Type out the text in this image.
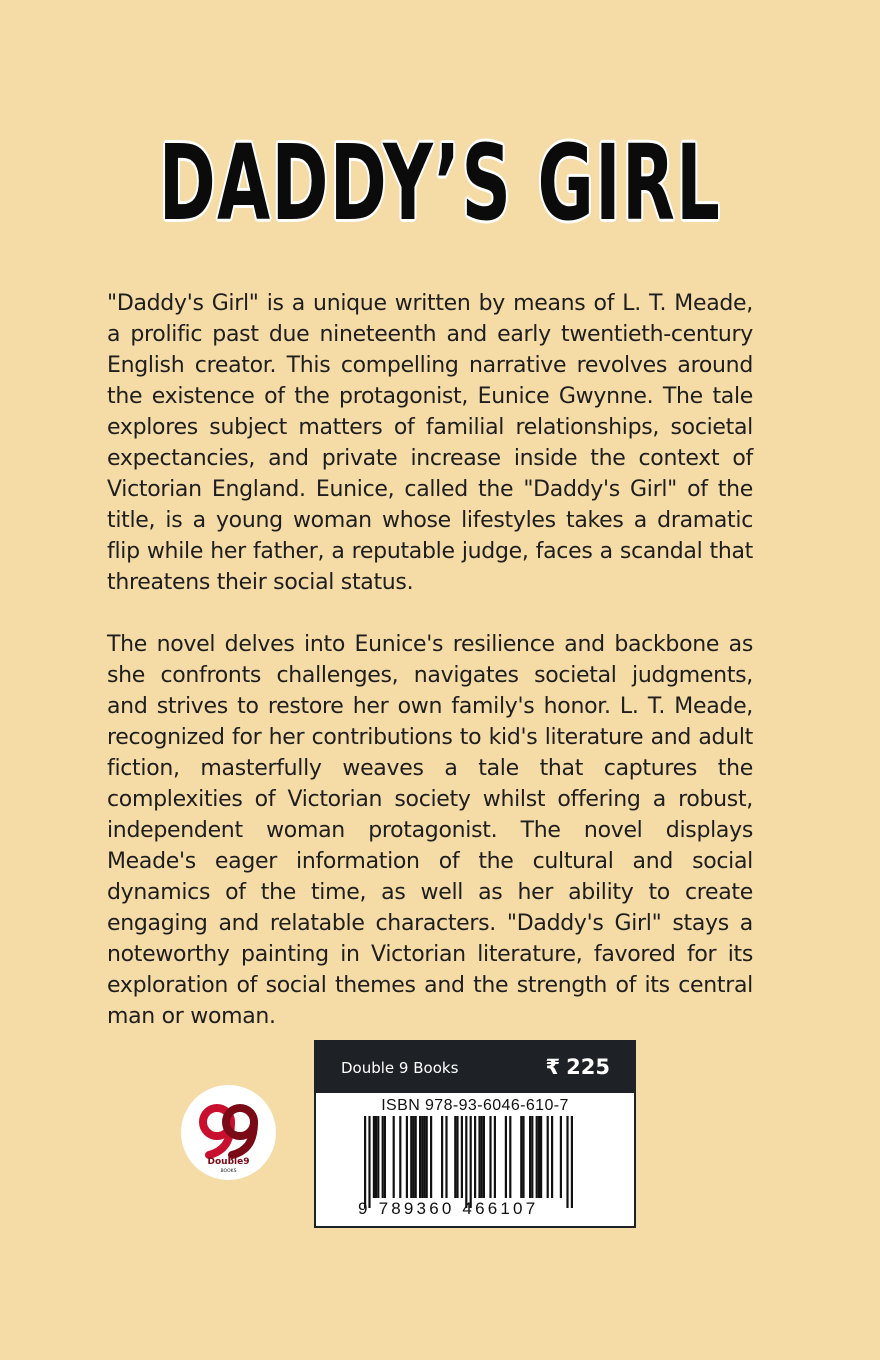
DADDY’S GIRL

"Daddy's Girl" is a unique written by means of L. T. Meade, a prolific past due nineteenth and early twentieth-century English creator. This compelling narrative revolves around the existence of the protagonist, Eunice Gwynne. The tale explores subject matters of familial relationships, societal expectancies, and private increase inside the context of Victorian England. Eunice, called the "Daddy's Girl" of the title, is a young woman whose lifestyles takes a dramatic flip while her father, a reputable judge, faces a scandal that threatens their social status.

The novel delves into Eunice's resilience and backbone as she confronts challenges, navigates societal judgments, and strives to restore her own family's honor. L. T. Meade, recognized for her contributions to kid's literature and adult fiction, masterfully weaves a tale that captures the complexities of Victorian society whilst offering a robust, independent woman protagonist. The novel displays Meade's eager information of the cultural and social dynamics of the time, as well as her ability to create engaging and relatable characters. "Daddy's Girl" stays a noteworthy painting in Victorian literature, favored for its exploration of social themes and the strength of its central man or woman.

Double9
BOOKS
Double 9 Books	₹ 225
ISBN 978-93-6046-610-7
9 789360 466107
